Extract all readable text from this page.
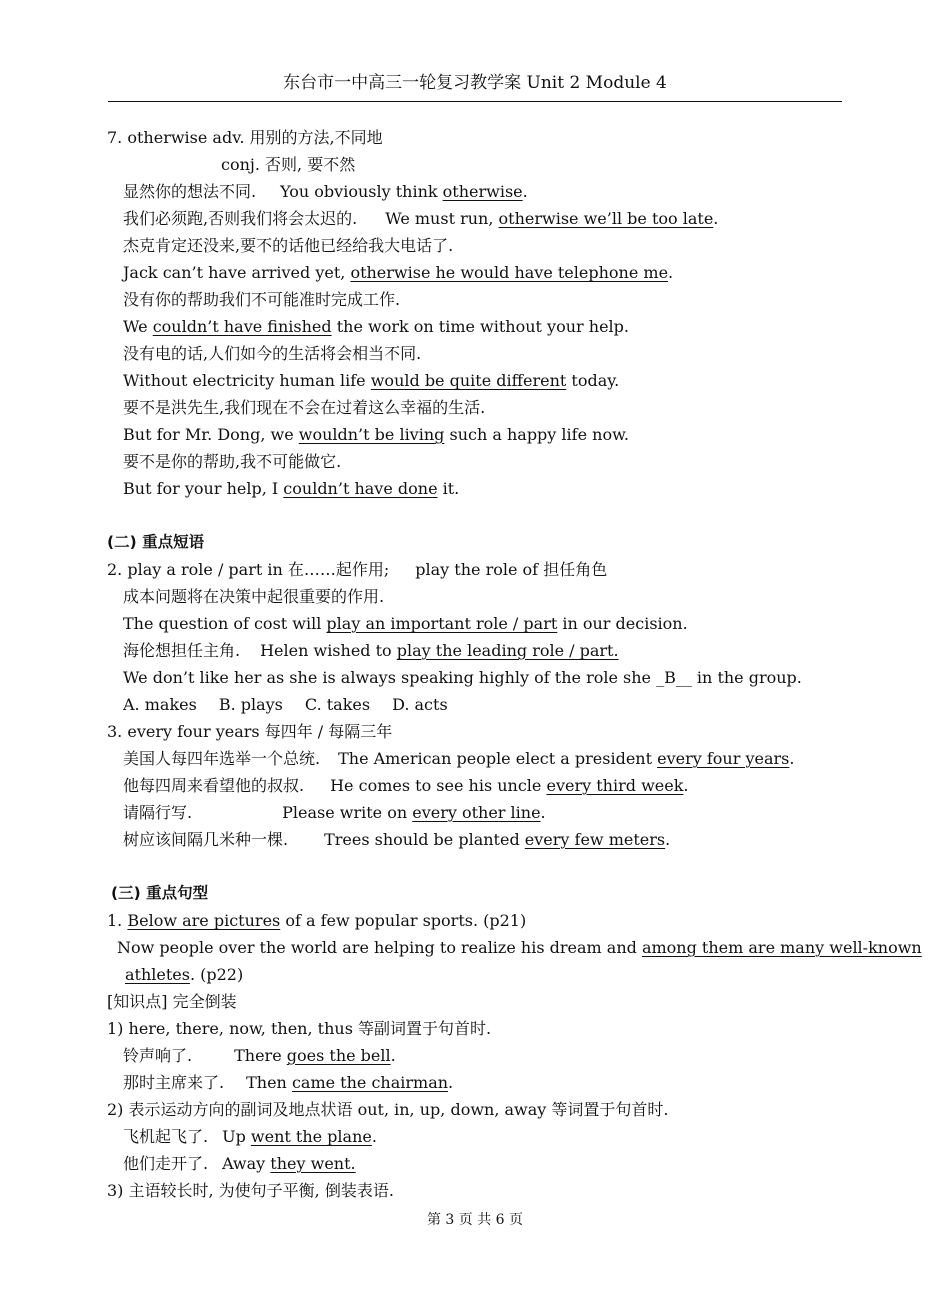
东台市一中高三一轮复习教学案 Unit 2 Module 4
7. otherwise adv. 用别的方法,不同地
conj. 否则, 要不然
显然你的想法不同. You obviously think otherwise.
我们必须跑,否则我们将会太迟的. We must run, otherwise we’ll be too late.
杰克肯定还没来,要不的话他已经给我大电话了.
Jack can’t have arrived yet, otherwise he would have telephone me.
没有你的帮助我们不可能准时完成工作.
We couldn’t have finished the work on time without your help.
没有电的话,人们如今的生活将会相当不同.
Without electricity human life would be quite different today.
要不是洪先生,我们现在不会在过着这么幸福的生活.
But for Mr. Dong, we wouldn’t be living such a happy life now.
要不是你的帮助,我不可能做它.
But for your help, I couldn’t have done it.
(二) 重点短语
2. play a role / part in 在……起作用; play the role of 担任角色
成本问题将在决策中起很重要的作用.
The question of cost will play an important role / part in our decision.
海伦想担任主角. Helen wished to play the leading role / part.
We don’t like her as she is always speaking highly of the role she _B__ in the group.
A. makes B. plays C. takes D. acts
3. every four years 每四年 / 每隔三年
美国人每四年选举一个总统. The American people elect a president every four years.
他每四周来看望他的叔叔. He comes to see his uncle every third week.
请隔行写.	Please write on every other line.
树应该间隔几米种一棵. Trees should be planted every few meters.
(三) 重点句型
1. Below are pictures of a few popular sports. (p21)
Now people over the world are helping to realize his dream and among them are many well-known
athletes. (p22)
[知识点] 完全倒装
1) here, there, now, then, thus 等副词置于句首时.
铃声响了.	There goes the bell.
那时主席来了. Then came the chairman.
2) 表示运动方向的副词及地点状语 out, in, up, down, away 等词置于句首时.
飞机起飞了. Up went the plane.
他们走开了. Away they went.
3) 主语较长时, 为使句子平衡, 倒装表语.
第 3 页 共 6 页
